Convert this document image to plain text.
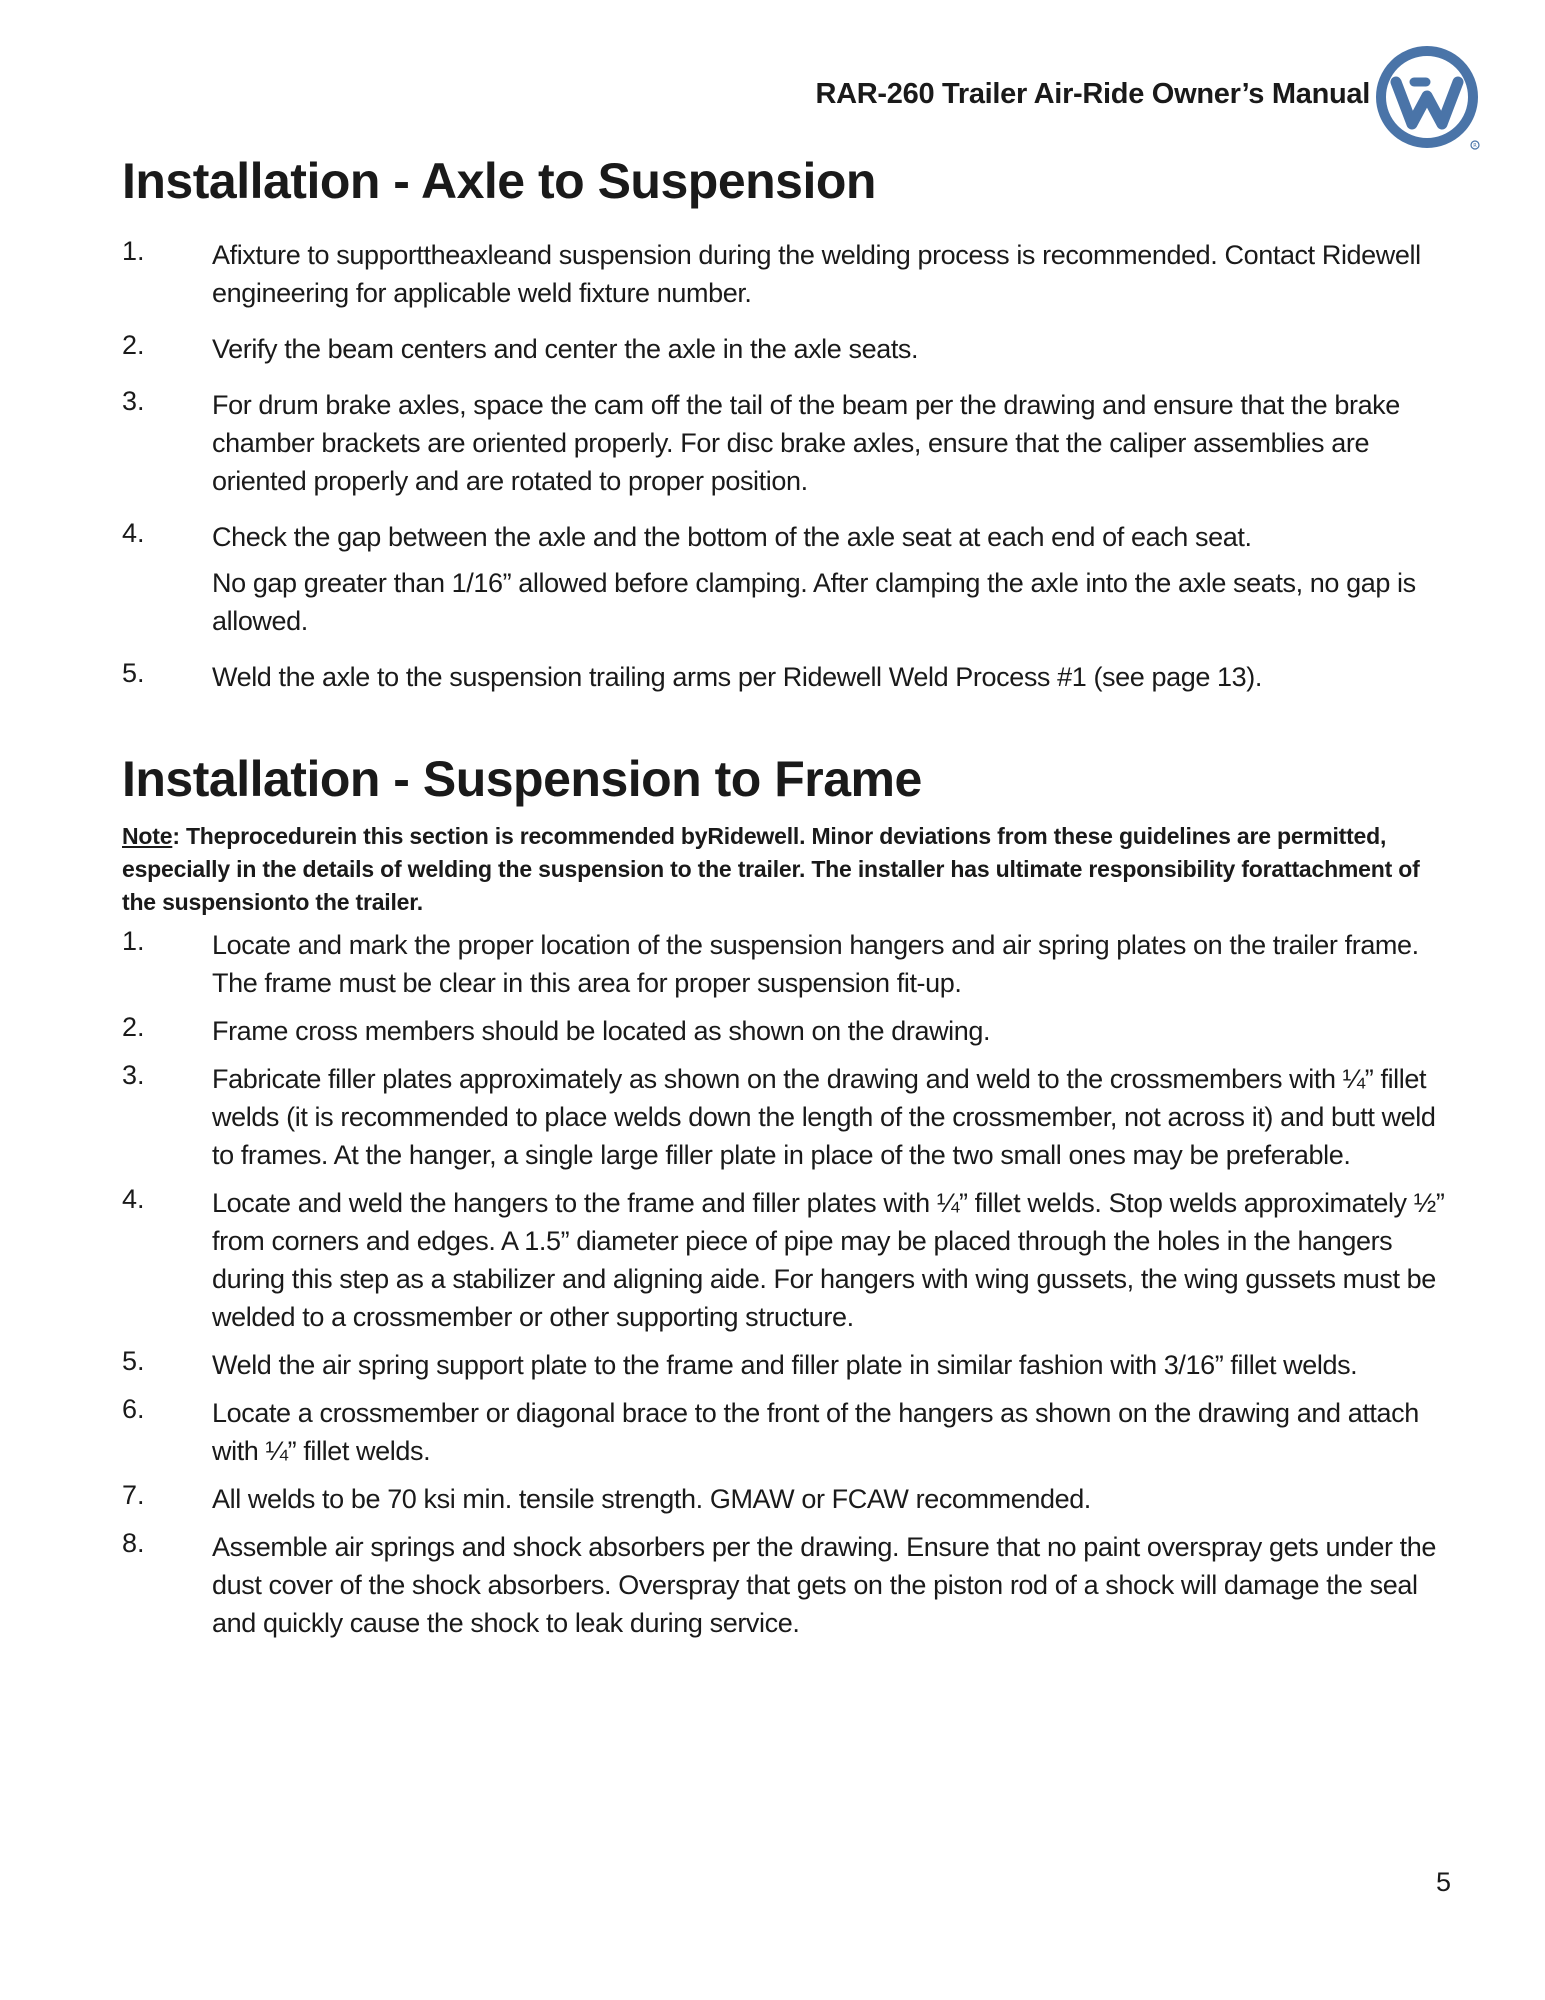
RAR-260 Trailer Air-Ride Owner’s Manual
R
Installation - Axle to Suspension
1.	Afixture to supporttheaxleand suspension during the welding process is recommended. Contact Ridewell engineering for applicable weld fixture number.

2.	Verify the beam centers and center the axle in the axle seats.

3.	For drum brake axles, space the cam off the tail of the beam per the drawing and ensure that the brake chamber brackets are oriented properly. For disc brake axles, ensure that the caliper assemblies are oriented properly and are rotated to proper position.

4.	Check the gap between the axle and the bottom of the axle seat at each end of each seat.

No gap greater than 1/16” allowed before clamping. After clamping the axle into the axle seats, no gap is allowed.

5.	Weld the axle to the suspension trailing arms per Ridewell Weld Process #1 (see page 13).

Installation - Suspension to Frame
Note: Theprocedurein this section is recommended byRidewell. Minor deviations from these guidelines are permitted, especially in the details of welding the suspension to the trailer. The installer has ultimate responsibility forattachment of the suspensionto the trailer.
1.	Locate and mark the proper location of the suspension hangers and air spring plates on the trailer frame. The frame must be clear in this area for proper suspension fit-up.

2.	Frame cross members should be located as shown on the drawing.

3.	Fabricate filler plates approximately as shown on the drawing and weld to the crossmembers with ¼” fillet welds (it is recommended to place welds down the length of the crossmember, not across it) and butt weld to frames. At the hanger, a single large filler plate in place of the two small ones may be preferable.

4.	Locate and weld the hangers to the frame and filler plates with ¼” fillet welds. Stop welds approximately ½” from corners and edges. A 1.5” diameter piece of pipe may be placed through the holes in the hangers during this step as a stabilizer and aligning aide. For hangers with wing gussets, the wing gussets must be welded to a crossmember or other supporting structure.

5.	Weld the air spring support plate to the frame and filler plate in similar fashion with 3/16” fillet welds.

6.	Locate a crossmember or diagonal brace to the front of the hangers as shown on the drawing and attach with ¼” fillet welds.

7.	All welds to be 70 ksi min. tensile strength. GMAW or FCAW recommended.

8.	Assemble air springs and shock absorbers per the drawing. Ensure that no paint overspray gets under the dust cover of the shock absorbers. Overspray that gets on the piston rod of a shock will damage the seal and quickly cause the shock to leak during service.

5
